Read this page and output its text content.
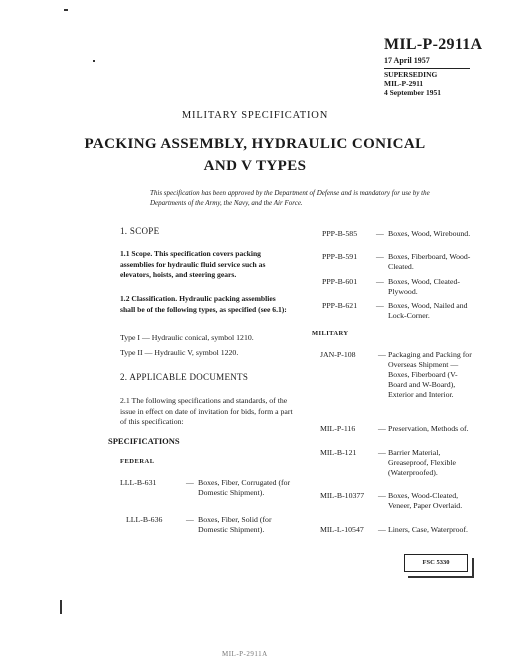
MIL-P-2911A

17 April 1957

SUPERSEDING

MIL-P-2911

4 September 1951

MILITARY SPECIFICATION

PACKING ASSEMBLY, HYDRAULIC CONICAL

AND V TYPES

This specification has been approved by the Department of Defense and is mandatory for use by the Departments of the Army, the Navy, and the Air Force.

1. SCOPE

1.1 Scope. This specification covers packing assemblies for hydraulic fluid service such as elevators, hoists, and steering gears.

1.2 Classification. Hydraulic packing assemblies shall be of the following types, as specified (see 6.1):

Type I — Hydraulic conical, symbol 1210.

Type II — Hydraulic V, symbol 1220.

2. APPLICABLE DOCUMENTS

2.1 The following specifications and standards, of the issue in effect on date of invitation for bids, form a part of this specification:

SPECIFICATIONS

FEDERAL

LLL-B-631	— Boxes, Fiber, Corrugated (for Domestic Shipment).
LLL-B-636	— Boxes, Fiber, Solid (for Domestic Shipment).
PPP-B-585 — Boxes, Wood, Wirebound.
PPP-B-591 — Boxes, Fiberboard, Wood-Cleated.
PPP-B-601 — Boxes, Wood, Cleated-Plywood.
PPP-B-621 — Boxes, Wood, Nailed and Lock-Corner.

MILITARY

JAN-P-108	— Packaging and Packing for Overseas Shipment — Boxes, Fiberboard (V-Board and W-Board), Exterior and Interior.
MIL-P-116	— Preservation, Methods of.
MIL-B-121	— Barrier Material, Greaseproof, Flexible (Waterproofed).
MIL-B-10377 — Boxes, Wood-Cleated, Veneer, Paper Overlaid.
MIL-L-10547 — Liners, Case, Waterproof.

FSC 5330

MIL-P-2911A
